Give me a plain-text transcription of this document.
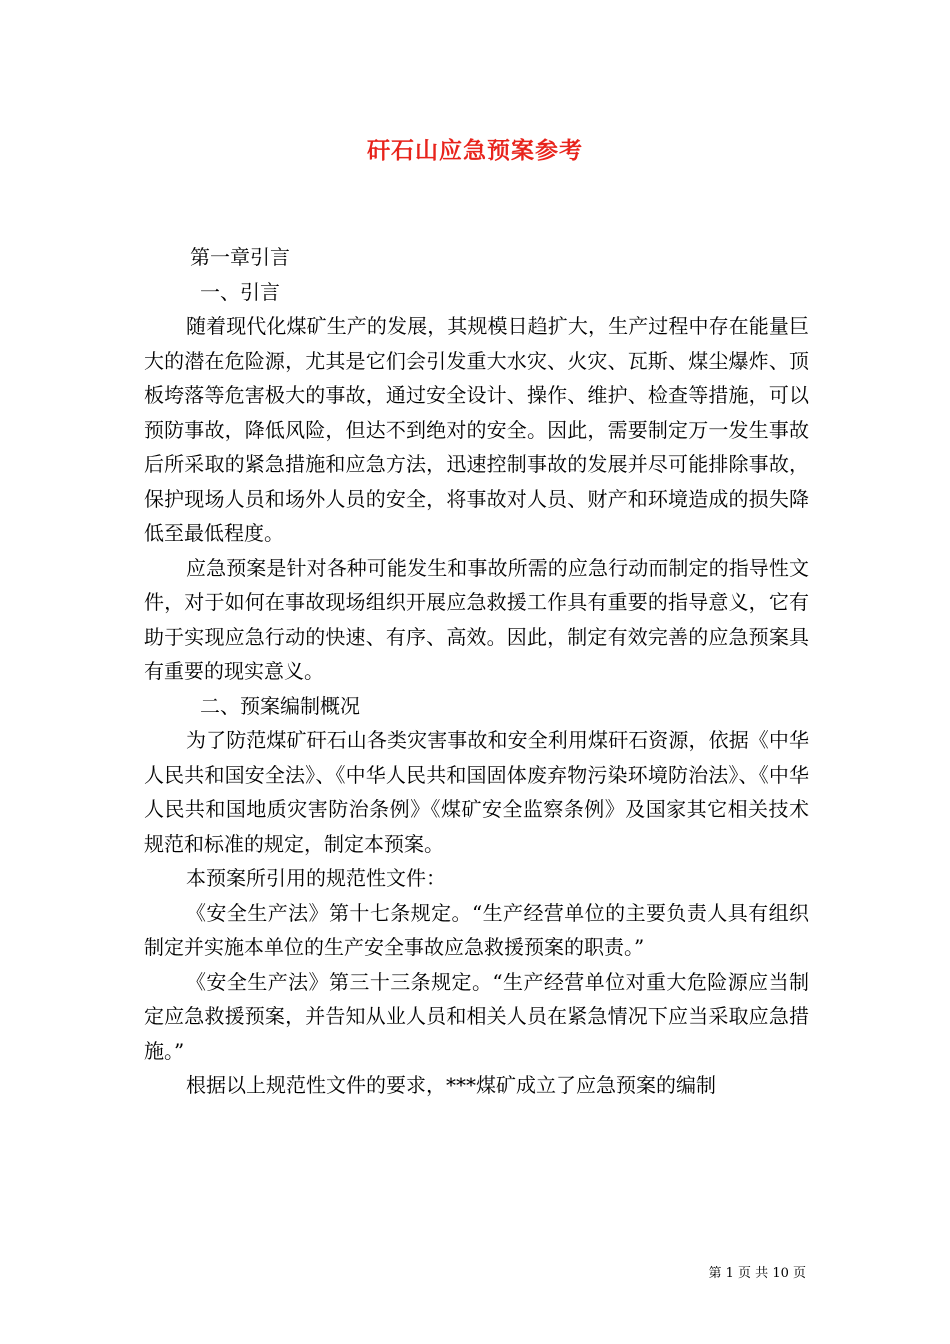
矸石山应急预案参考

第一章引言

一、引言

随着现代化煤矿生产的发展，其规模日趋扩大，生产过程中存在能量巨大的潜在危险源，尤其是它们会引发重大水灾、火灾、瓦斯、煤尘爆炸、顶板垮落等危害极大的事故，通过安全设计、操作、维护、检查等措施，可以预防事故，降低风险，但达不到绝对的安全。因此，需要制定万一发生事故后所采取的紧急措施和应急方法，迅速控制事故的发展并尽可能排除事故，保护现场人员和场外人员的安全，将事故对人员、财产和环境造成的损失降低至最低程度。

应急预案是针对各种可能发生和事故所需的应急行动而制定的指导性文件，对于如何在事故现场组织开展应急救援工作具有重要的指导意义，它有助于实现应急行动的快速、有序、高效。因此，制定有效完善的应急预案具有重要的现实意义。

二、预案编制概况

为了防范煤矿矸石山各类灾害事故和安全利用煤矸石资源，依据《中华人民共和国安全法》、《中华人民共和国固体废弃物污染环境防治法》、《中华人民共和国地质灾害防治条例》《煤矿安全监察条例》及国家其它相关技术规范和标准的规定，制定本预案。

本预案所引用的规范性文件：

《安全生产法》第十七条规定。“生产经营单位的主要负责人具有组织制定并实施本单位的生产安全事故应急救援预案的职责。”

《安全生产法》第三十三条规定。“生产经营单位对重大危险源应当制定应急救援预案，并告知从业人员和相关人员在紧急情况下应当采取应急措施。”

根据以上规范性文件的要求，***煤矿成立了应急预案的编制

第 1 页 共 10 页
